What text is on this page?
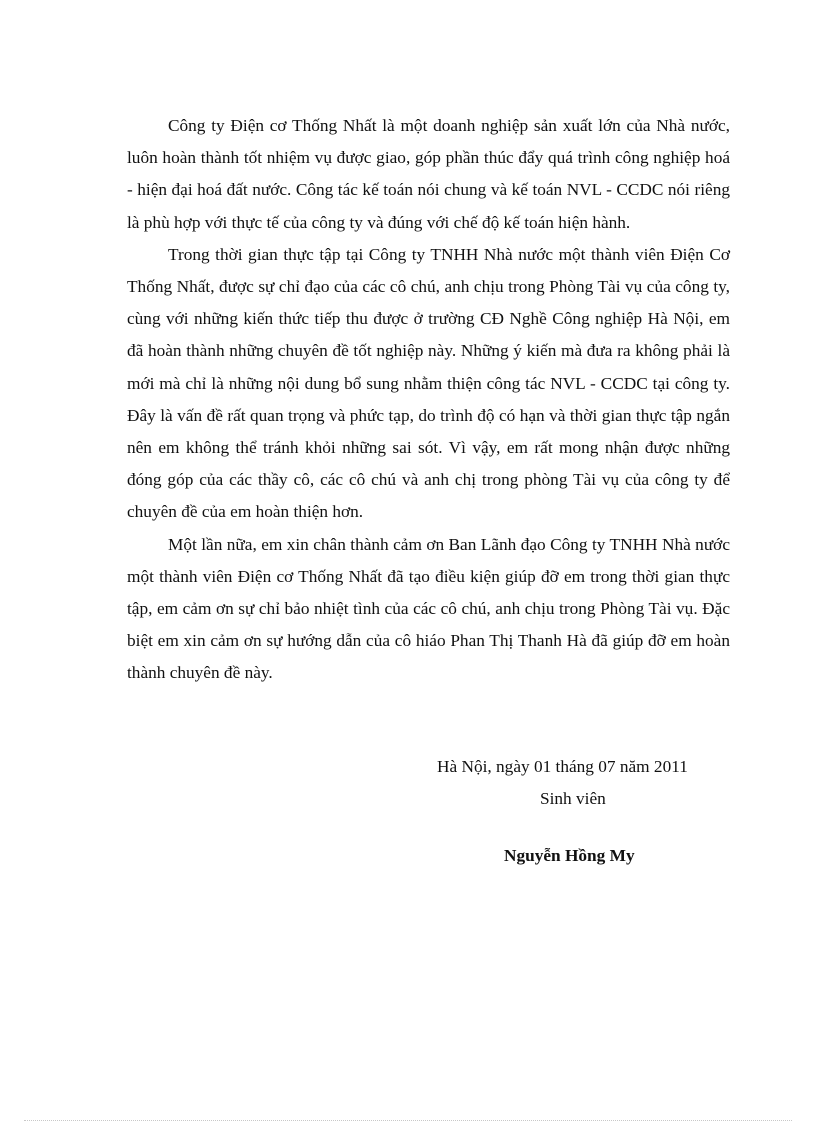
Công ty Điện cơ Thống Nhất là một doanh nghiệp sản xuất lớn của Nhà nước, luôn hoàn thành tốt nhiệm vụ được giao, góp phần thúc đẩy quá trình công nghiệp hoá - hiện đại hoá đất nước. Công tác kế toán nói chung và kế toán NVL - CCDC nói riêng là phù hợp với thực tế của công ty và đúng với chế độ kế toán hiện hành.

Trong thời gian thực tập tại Công ty TNHH Nhà nước một thành viên Điện Cơ Thống Nhất, được sự chỉ đạo của các cô chú, anh chịu trong Phòng Tài vụ của công ty, cùng với những kiến thức tiếp thu được ở trường CĐ Nghề Công nghiệp Hà Nội, em đã hoàn thành những chuyên đề tốt nghiệp này. Những ý kiến mà đưa ra không phải là mới mà chỉ là những nội dung bổ sung nhằm thiện công tác NVL - CCDC tại công ty. Đây là vấn đề rất quan trọng và phức tạp, do trình độ có hạn và thời gian thực tập ngắn nên em không thể tránh khỏi những sai sót. Vì vậy, em rất mong nhận được những đóng góp của các thầy cô, các cô chú và anh chị trong phòng Tài vụ của công ty để chuyên đề của em hoàn thiện hơn.

Một lần nữa, em xin chân thành cảm ơn Ban Lãnh đạo Công ty TNHH Nhà nước một thành viên Điện cơ Thống Nhất đã tạo điều kiện giúp đỡ em trong thời gian thực tập, em cảm ơn sự chỉ bảo nhiệt tình của các cô chú, anh chịu trong Phòng Tài vụ. Đặc biệt em xin cảm ơn sự hướng dẫn của cô hiáo Phan Thị Thanh Hà đã giúp đỡ em hoàn thành chuyên đề này.

Hà Nội, ngày 01 tháng 07 năm 2011
Sinh viên
Nguyễn Hồng My
